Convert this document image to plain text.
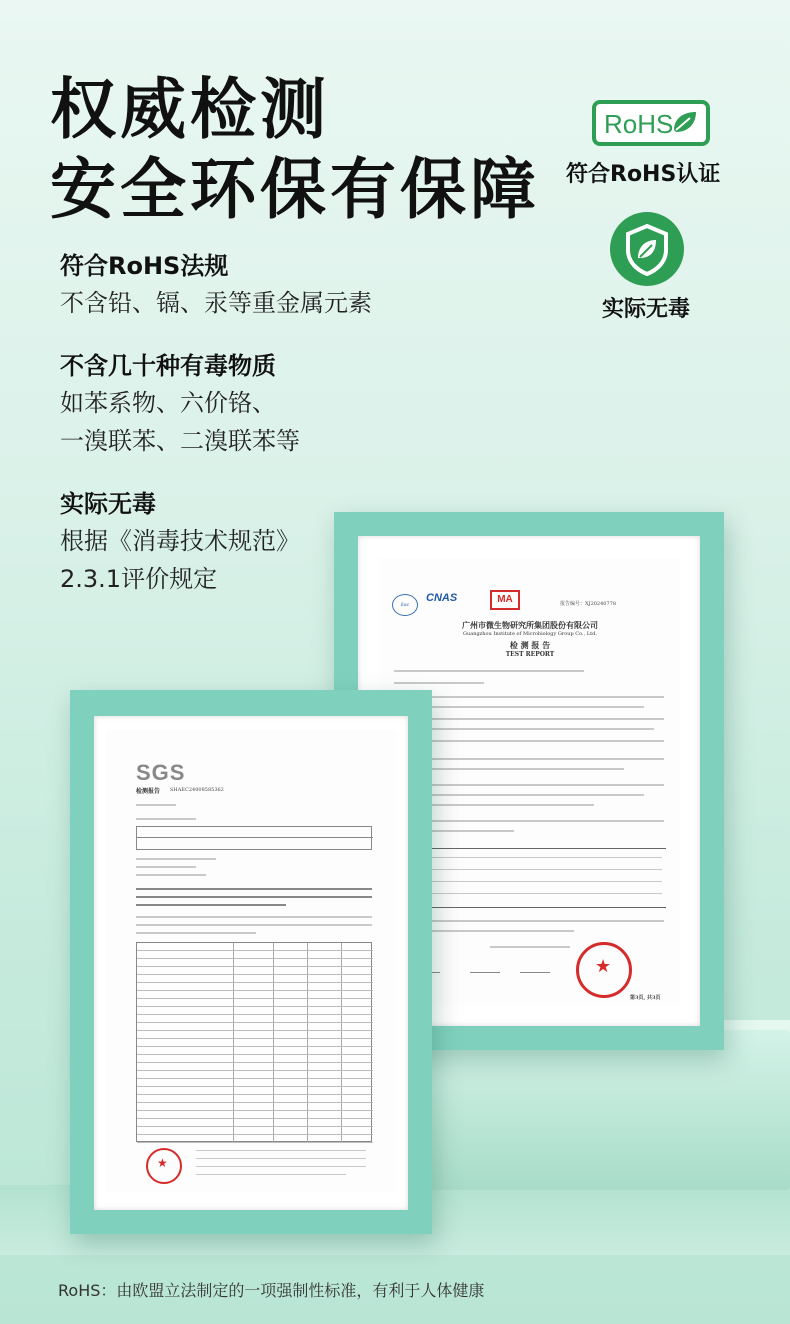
权威检测
安全环保有保障
符合RoHS法规
不含铅、镉、汞等重金属元素
不含几十种有毒物质
如苯系物、六价铬、
一溴联苯、二溴联苯等
实际无毒
根据《消毒技术规范》
2.3.1评价规定
RoHS
符合RoHS认证
实际无毒
ilac
CNAS	MA	报告编号：XJ20240778
广州市微生物研究所集团股份有限公司
Guangzhou Institute of Microbiology Group Co., Ltd.
检 测 报 告
TEST REPORT
★
第3页, 共3页
SGS
检测报告 SHAEC24008585362
★
RoHS：由欧盟立法制定的一项强制性标准，有利于人体健康
